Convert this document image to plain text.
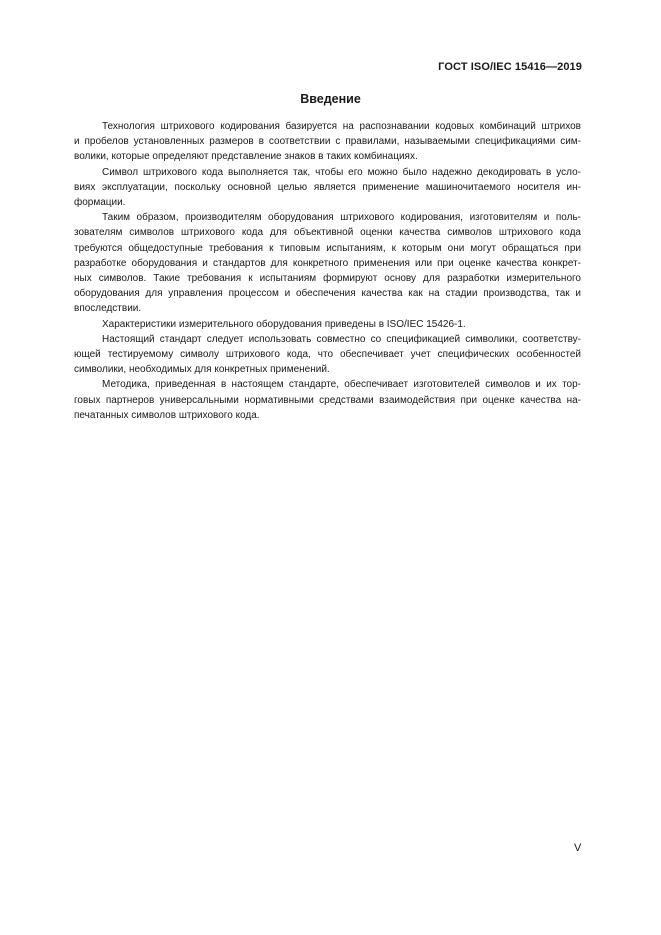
ГОСТ ISO/IEC 15416—2019
Введение

Технология штрихового кодирования базируется на распознавании кодовых комбинаций штрихов
и пробелов установленных размеров в соответствии с правилами, называемыми спецификациями сим-
волики, которые определяют представление знаков в таких комбинациях.

Символ штрихового кода выполняется так, чтобы его можно было надежно декодировать в усло-
виях эксплуатации, поскольку основной целью является применение машиночитаемого носителя ин-
формации.

Таким образом, производителям оборудования штрихового кодирования, изготовителям и поль-
зователям символов штрихового кода для объективной оценки качества символов штрихового кода
требуются общедоступные требования к типовым испытаниям, к которым они могут обращаться при
разработке оборудования и стандартов для конкретного применения или при оценке качества конкрет-
ных символов. Такие требования к испытаниям формируют основу для разработки измерительного
оборудования для управления процессом и обеспечения качества как на стадии производства, так и
впоследствии.

Характеристики измерительного оборудования приведены в ISO/IEC 15426-1.

Настоящий стандарт следует использовать совместно со спецификацией символики, соответству-
ющей тестируемому символу штрихового кода, что обеспечивает учет специфических особенностей
символики, необходимых для конкретных применений.

Методика, приведенная в настоящем стандарте, обеспечивает изготовителей символов и их тор-
говых партнеров универсальными нормативными средствами взаимодействия при оценке качества на-
печатанных символов штрихового кода.

V
